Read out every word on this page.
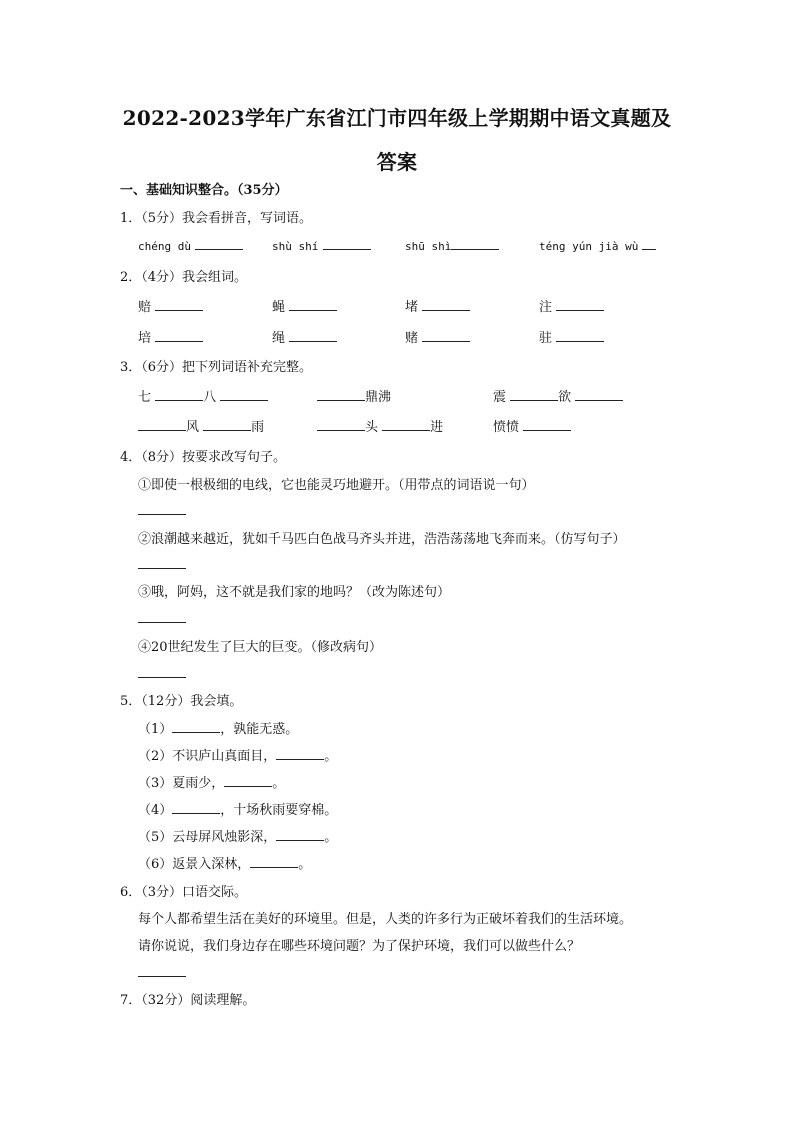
2022-2023学年广东省江门市四年级上学期期中语文真题及
答案
一、基础知识整合。（35分）
1．（5分）我会看拼音，写词语。
chéng dù	shù shí	shū shì	téng yún jià wù
2．（4分）我会组词。
赔	蝇	堵	注
培	绳	赌	驻
3．（6分）把下列词语补充完整。
七	八	鼎沸	震	欲
风	雨	头	进	愤愤
4．（8分）按要求改写句子。
①即使一根极细的电线，它也能灵巧地避开。（用带点的词语说一句）
②浪潮越来越近，犹如千马匹白色战马齐头并进，浩浩荡荡地飞奔而来。（仿写句子）
③哦，阿妈，这不就是我们家的地吗？（改为陈述句）
④20世纪发生了巨大的巨变。（修改病句）
5．（12分）我会填。
（1）	，孰能无惑。
（2）不识庐山真面目，	。
（3）夏雨少，	。
（4）	，十场秋雨要穿棉。
（5）云母屏风烛影深，	。
（6）返景入深林，	。
6．（3分）口语交际。
每个人都希望生活在美好的环境里。但是，人类的许多行为正破坏着我们的生活环境。
请你说说，我们身边存在哪些环境问题？为了保护环境，我们可以做些什么？
7．（32分）阅读理解。
